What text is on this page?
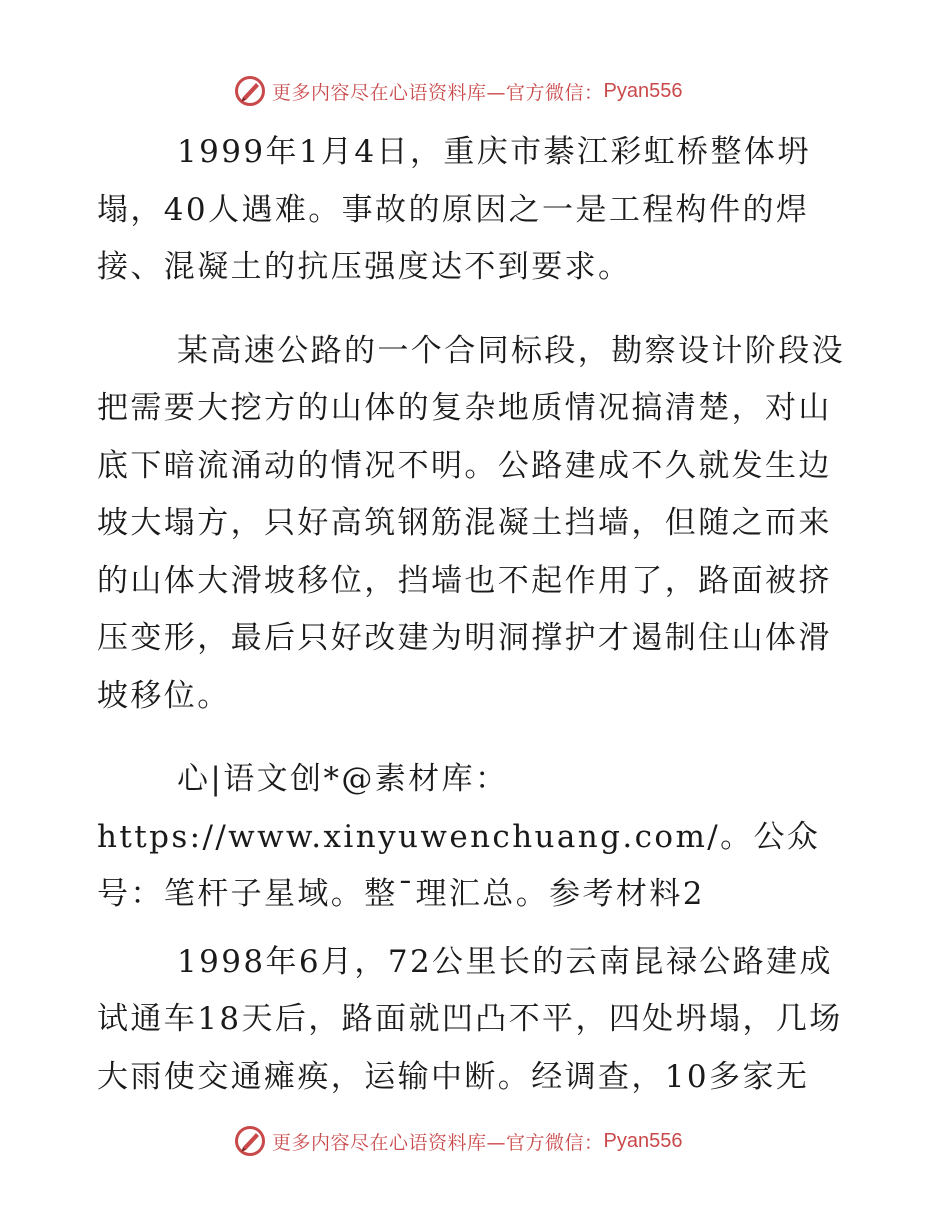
更多内容尽在心语资料库—官方微信： Pyan556

1999年1月4日，重庆市綦江彩虹桥整体坍塌，40人遇难。事故的原因之一是工程构件的焊接、混凝土的抗压强度达不到要求。

某高速公路的一个合同标段，勘察设计阶段没把需要大挖方的山体的复杂地质情况搞清楚，对山底下暗流涌动的情况不明。公路建成不久就发生边坡大塌方，只好高筑钢筋混凝土挡墙，但随之而来的山体大滑坡移位，挡墙也不起作用了，路面被挤压变形，最后只好改建为明洞撑护才遏制住山体滑坡移位。

心|语文创*@素材库：https://www.xinyuwenchuang.com/。公众号：笔杆子星域。整¯理汇总。参考材料2

1998年6月，72公里长的云南昆禄公路建成试通车18天后，路面就凹凸不平，四处坍塌，几场大雨使交通瘫痪，运输中断。经调查，10多家无

更多内容尽在心语资料库—官方微信： Pyan556
